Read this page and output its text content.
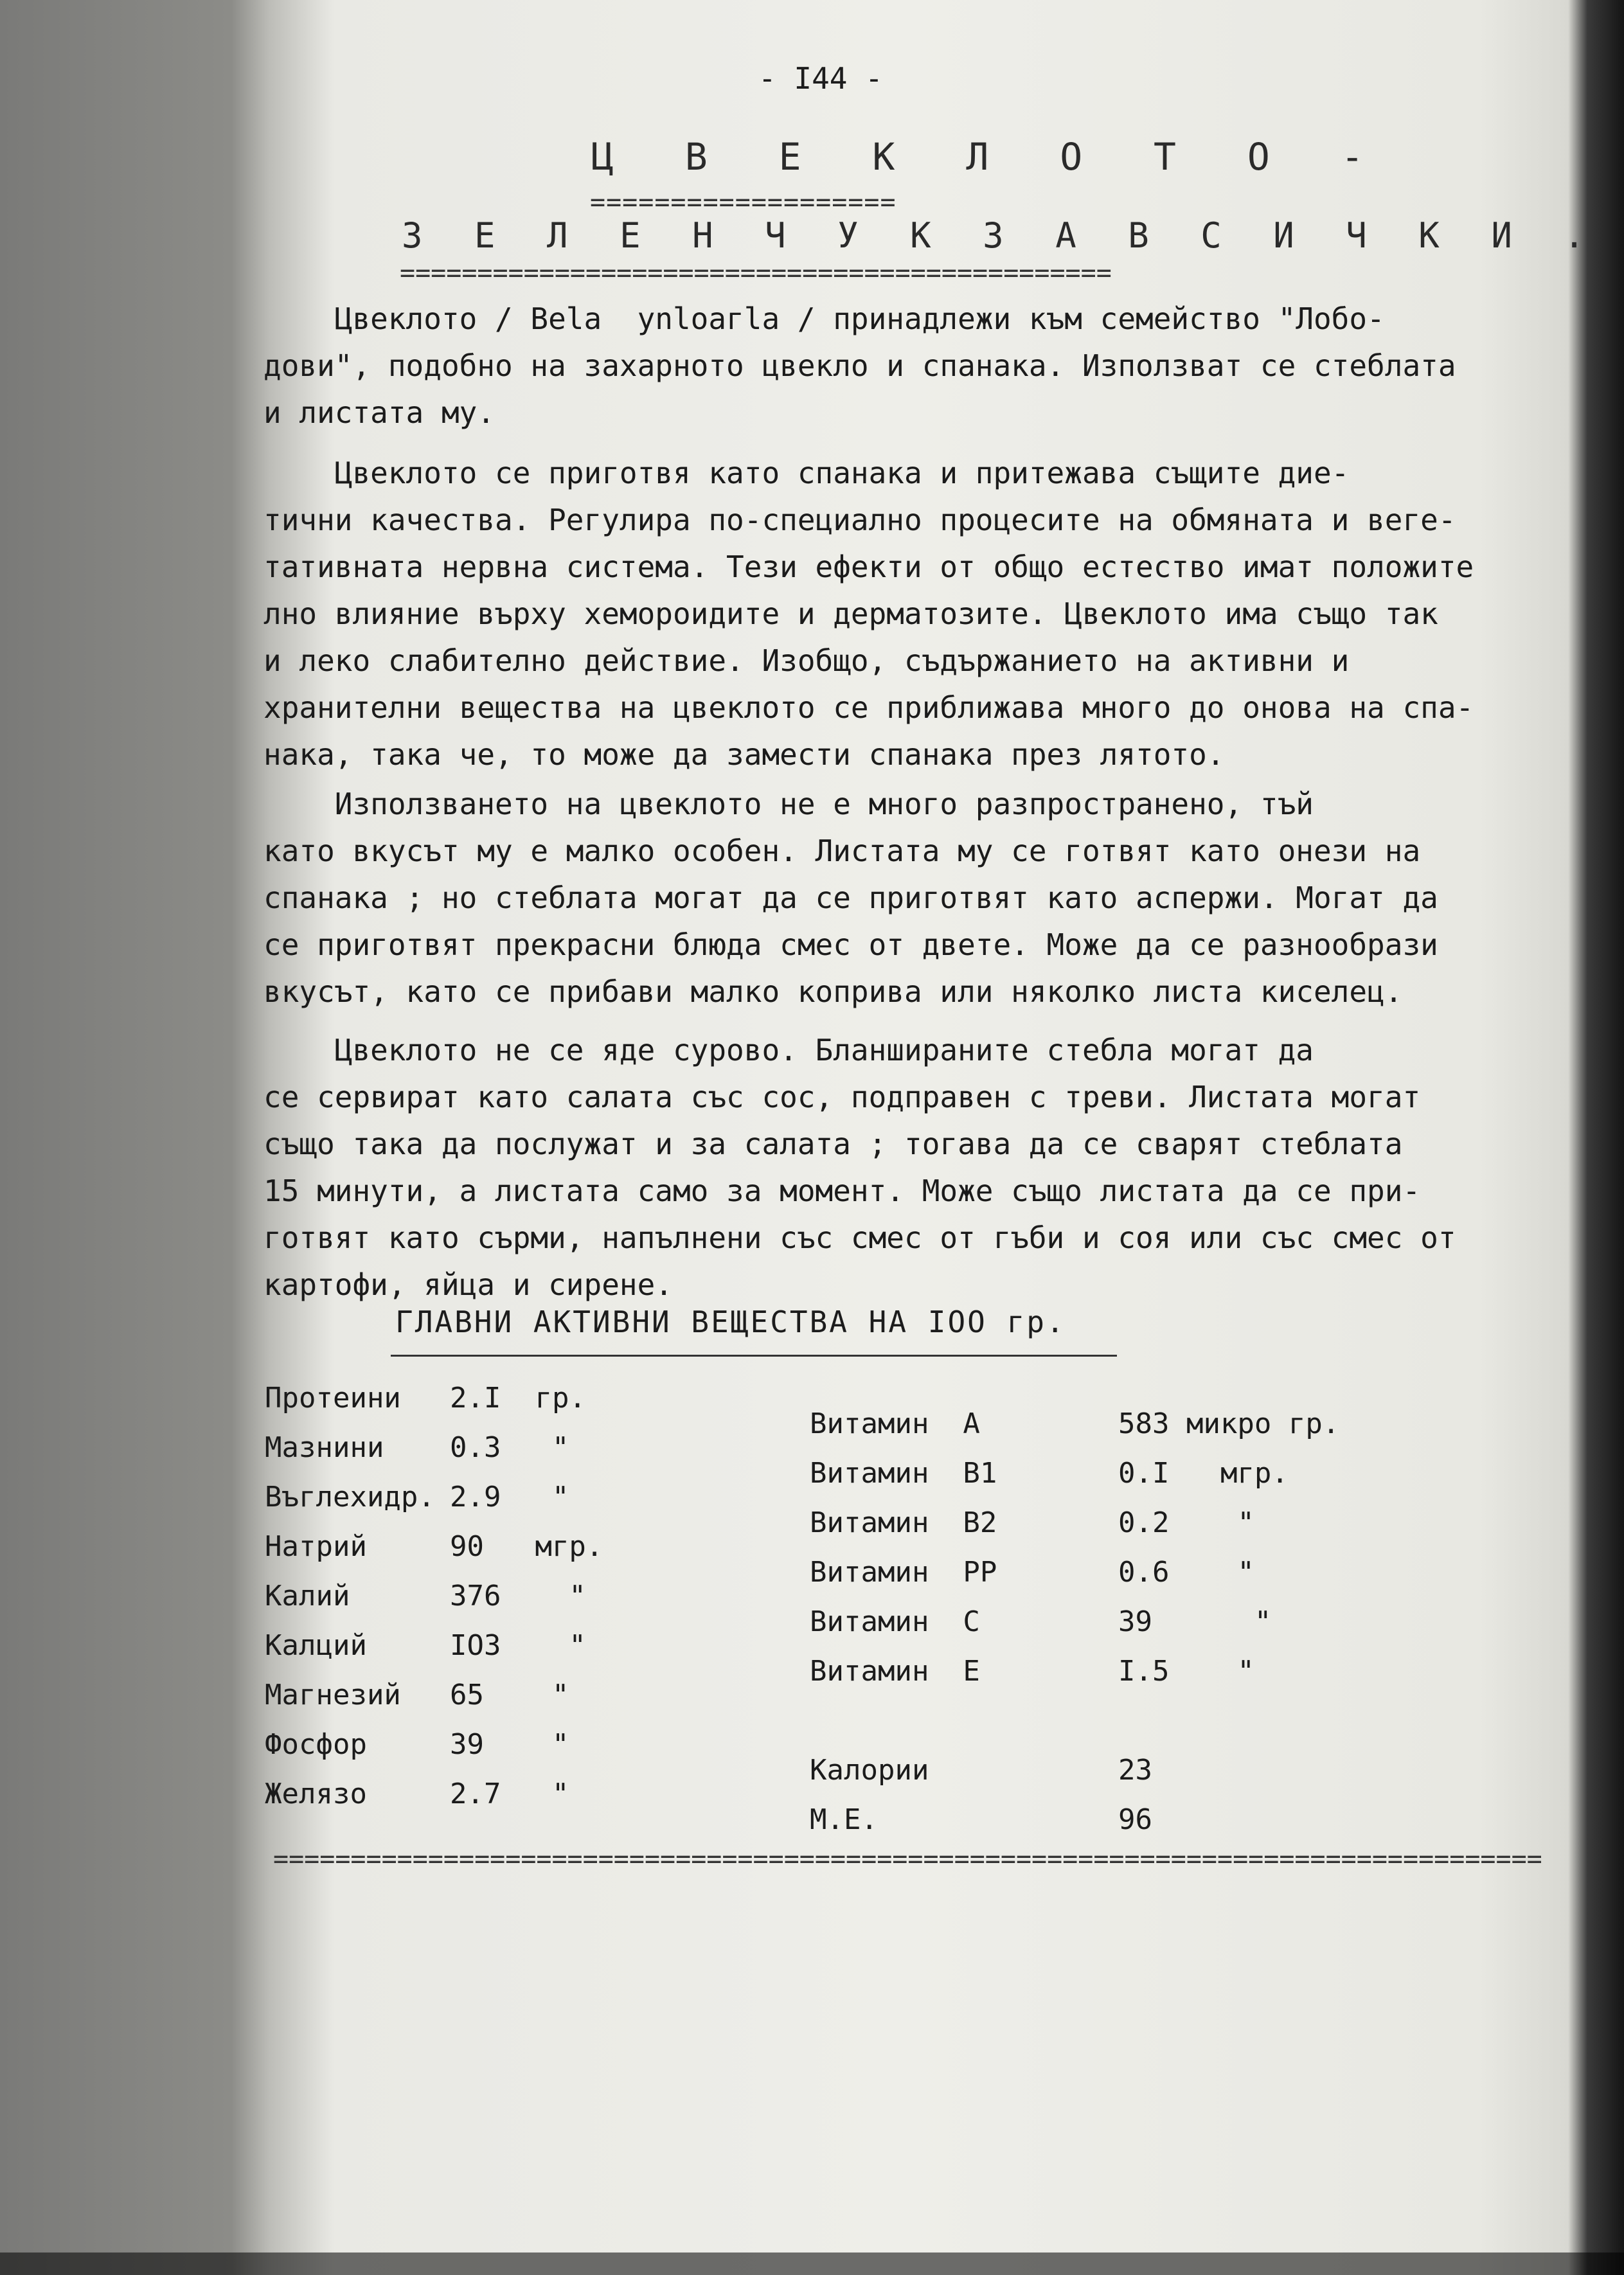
- I44 -
Ц В Е К Л О Т О -
===================
З Е Л Е Н Ч У К З А В С И Ч К И .
==============================================
Цвеклото / Веlа  уnlоагlа / принадлежи към семейство "Лобо-
дови", подобно на захарното цвекло и спанака. Използват се стеблата
и листата му.
Цвеклото се приготвя като спанака и притежава същите дие-
тични качества. Регулира по-специално процесите на обмяната и веге-
тативната нервна система. Тези ефекти от общо естество имат положите
лно влияние върху хемороидите и дерматозите. Цвеклото има също так
и леко слабително действие. Изобщо, съдържанието на активни и
хранителни вещества на цвеклото се приближава много до онова на спа-
нака, така че, то може да замести спанака през лятото.
Използването на цвеклото не е много разпространено, тъй
като вкусът му е малко особен. Листата му се готвят като онези на
спанака ; но стеблата могат да се приготвят като аспержи. Могат да
се приготвят прекрасни блюда смес от двете. Може да се разнообрази
вкусът, като се прибави малко коприва или няколко листа киселец.
Цвеклото не се яде сурово. Бланшираните стебла могат да
се сервират като салата със сос, подправен с треви. Листата могат
също така да послужат и за салата ; тогава да се сварят стеблата
15 минути, а листата само за момент. Може също листата да се при-
готвят като сърми, напълнени със смес от гъби и соя или със смес от
картофи, яйца и сирене.
ГЛАВНИ АКТИВНИ ВЕЩЕСТВА НА IOO гр.
Протеини
Мазнини
Въглехидр.
Натрий
Калий
Калций
Магнезий
Фосфор
Желязо
2.I  гр.
0.3   "
2.9   "
90   мгр.
376    "
IO3    "
65    "
39    "
2.7   "
Витамин  А
Витамин  В1
Витамин  В2
Витамин  РР
Витамин  С
Витамин  Е
Калории
М.Е.
583 микро гр.
0.I   мгр.
0.2    "
0.6    "
39      "
I.5    "
23
96
==================================================================================
